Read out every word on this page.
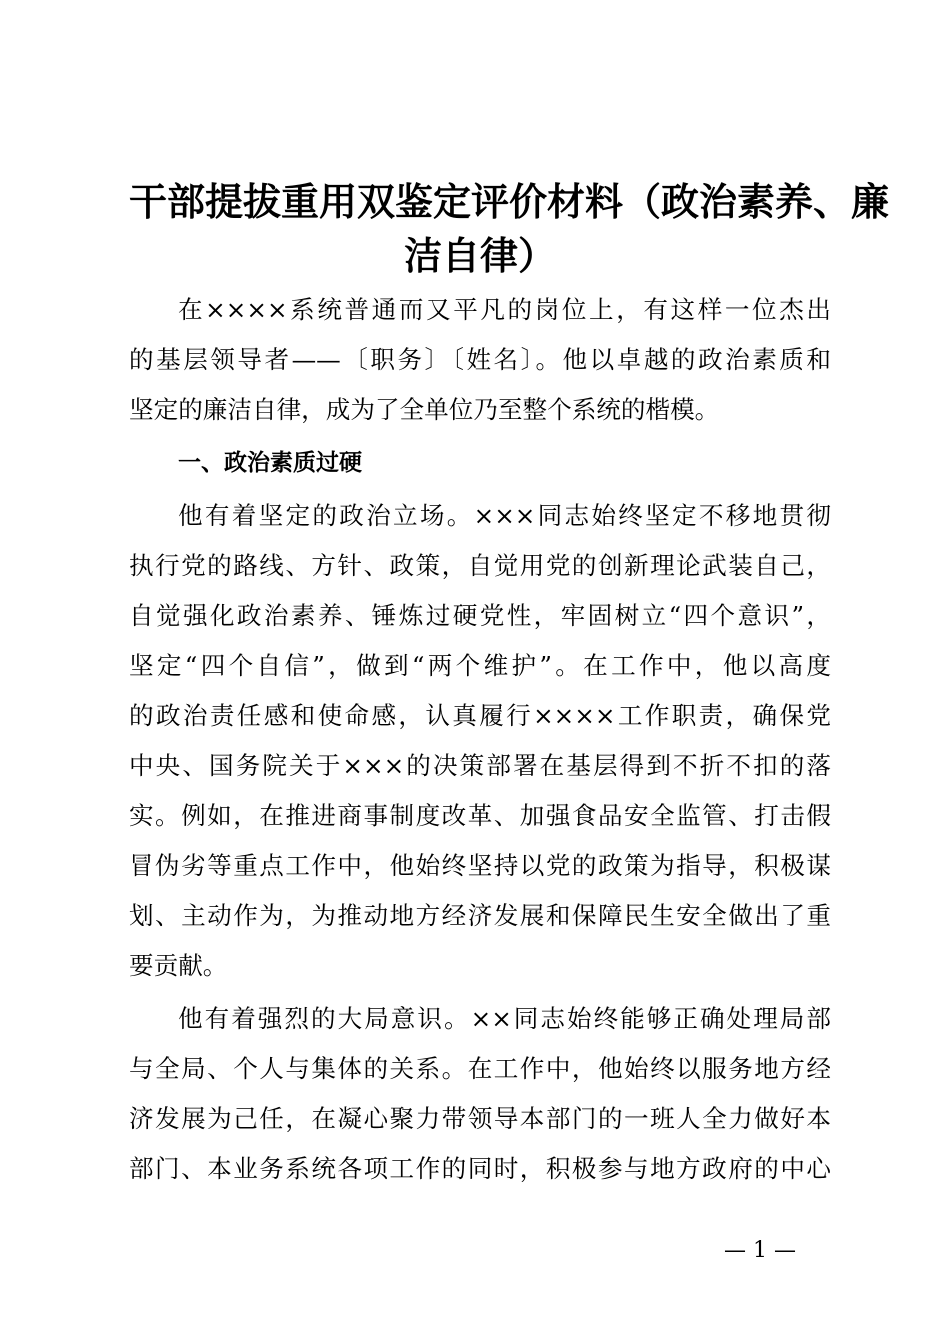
干部提拔重用双鉴定评价材料（政治素养、廉
洁自律）

在××××系统普通而又平凡的岗位上，有这样一位杰出
的基层领导者——〔职务〕〔姓名〕。他以卓越的政治素质和
坚定的廉洁自律，成为了全单位乃至整个系统的楷模。

一、政治素质过硬

他有着坚定的政治立场。×××同志始终坚定不移地贯彻
执行党的路线、方针、政策，自觉用党的创新理论武装自己，
自觉强化政治素养、锤炼过硬党性，牢固树立“四个意识”，
坚定“四个自信”，做到“两个维护”。在工作中，他以高度
的政治责任感和使命感，认真履行××××工作职责，确保党
中央、国务院关于×××的决策部署在基层得到不折不扣的落
实。例如，在推进商事制度改革、加强食品安全监管、打击假
冒伪劣等重点工作中，他始终坚持以党的政策为指导，积极谋
划、主动作为，为推动地方经济发展和保障民生安全做出了重
要贡献。

他有着强烈的大局意识。××同志始终能够正确处理局部
与全局、个人与集体的关系。在工作中，他始终以服务地方经
济发展为己任，在凝心聚力带领导本部门的一班人全力做好本
部门、本业务系统各项工作的同时，积极参与地方政府的中心

— 1 —
